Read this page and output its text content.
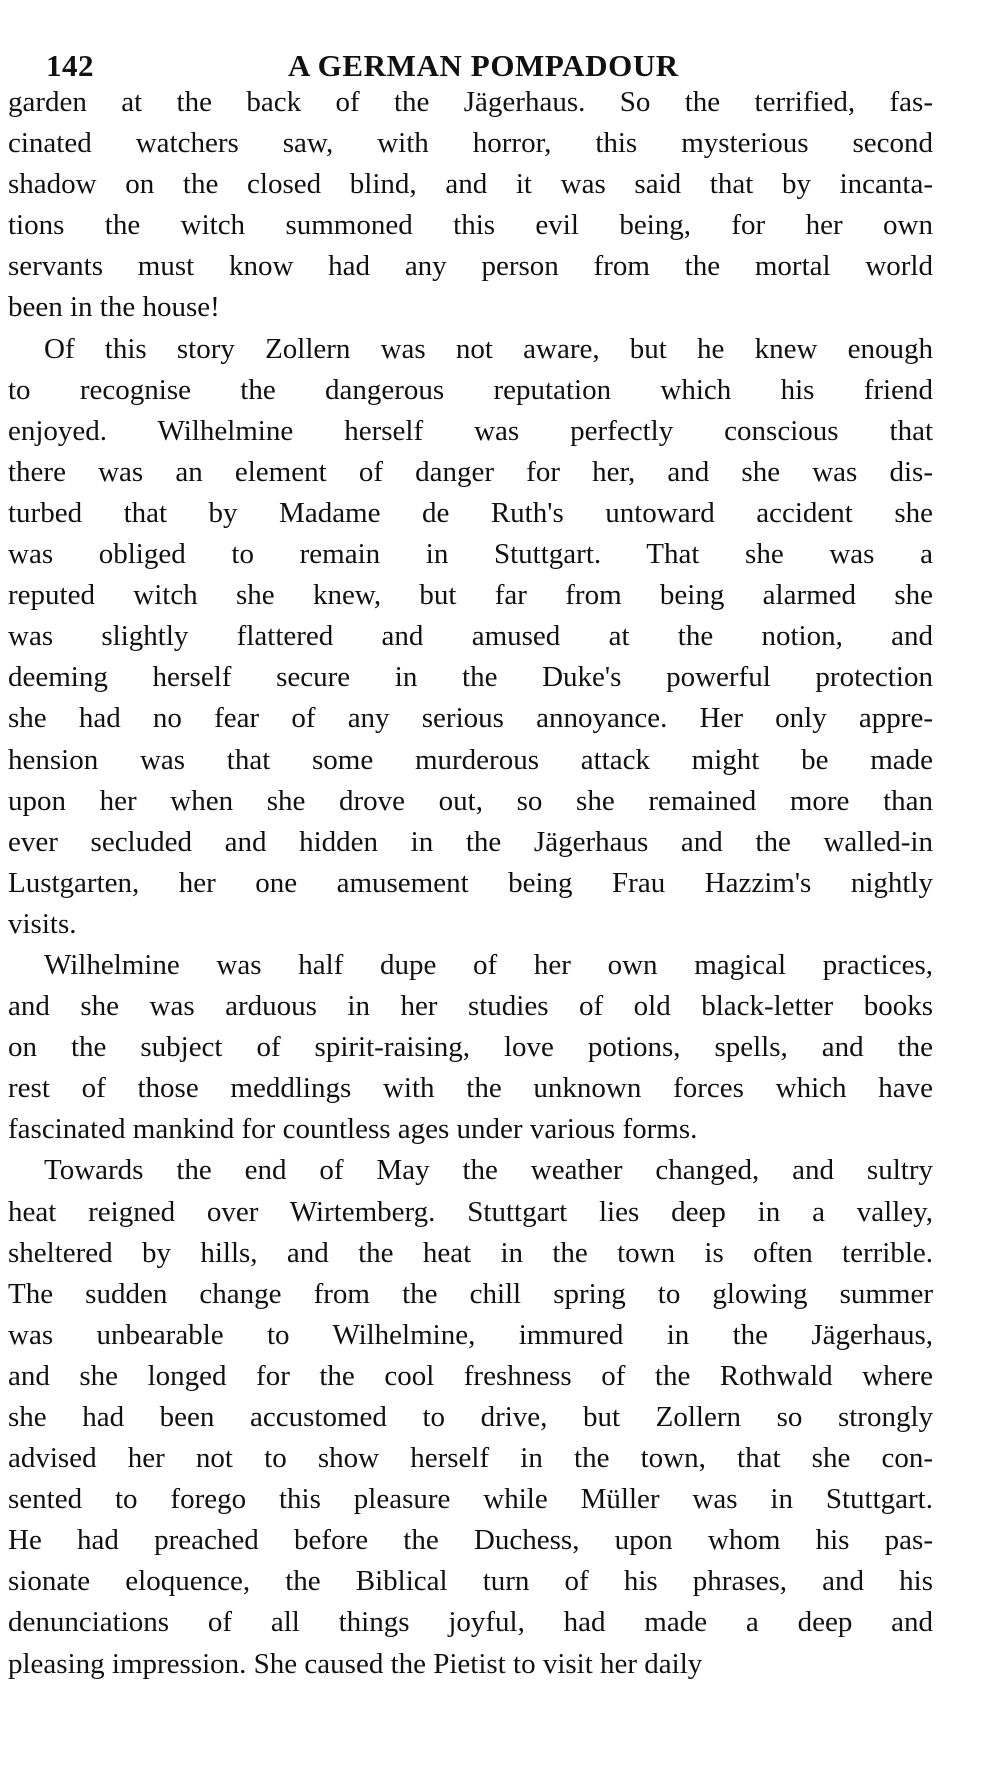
142	A GERMAN POMPADOUR
garden at the back of the Jägerhaus. So the terrified, fas-
cinated watchers saw, with horror, this mysterious second
shadow on the closed blind, and it was said that by incanta-
tions the witch summoned this evil being, for her own
servants must know had any person from the mortal world
been in the house!
Of this story Zollern was not aware, but he knew enough
to recognise the dangerous reputation which his friend
enjoyed. Wilhelmine herself was perfectly conscious that
there was an element of danger for her, and she was dis-
turbed that by Madame de Ruth's untoward accident she
was obliged to remain in Stuttgart. That she was a
reputed witch she knew, but far from being alarmed she
was slightly flattered and amused at the notion, and
deeming herself secure in the Duke's powerful protection
she had no fear of any serious annoyance. Her only appre-
hension was that some murderous attack might be made
upon her when she drove out, so she remained more than
ever secluded and hidden in the Jägerhaus and the walled-in
Lustgarten, her one amusement being Frau Hazzim's nightly
visits.
Wilhelmine was half dupe of her own magical practices,
and she was arduous in her studies of old black-letter books
on the subject of spirit-raising, love potions, spells, and the
rest of those meddlings with the unknown forces which have
fascinated mankind for countless ages under various forms.
Towards the end of May the weather changed, and sultry
heat reigned over Wirtemberg. Stuttgart lies deep in a valley,
sheltered by hills, and the heat in the town is often terrible.
The sudden change from the chill spring to glowing summer
was unbearable to Wilhelmine, immured in the Jägerhaus,
and she longed for the cool freshness of the Rothwald where
she had been accustomed to drive, but Zollern so strongly
advised her not to show herself in the town, that she con-
sented to forego this pleasure while Müller was in Stuttgart.
He had preached before the Duchess, upon whom his pas-
sionate eloquence, the Biblical turn of his phrases, and his
denunciations of all things joyful, had made a deep and
pleasing impression. She caused the Pietist to visit her daily
